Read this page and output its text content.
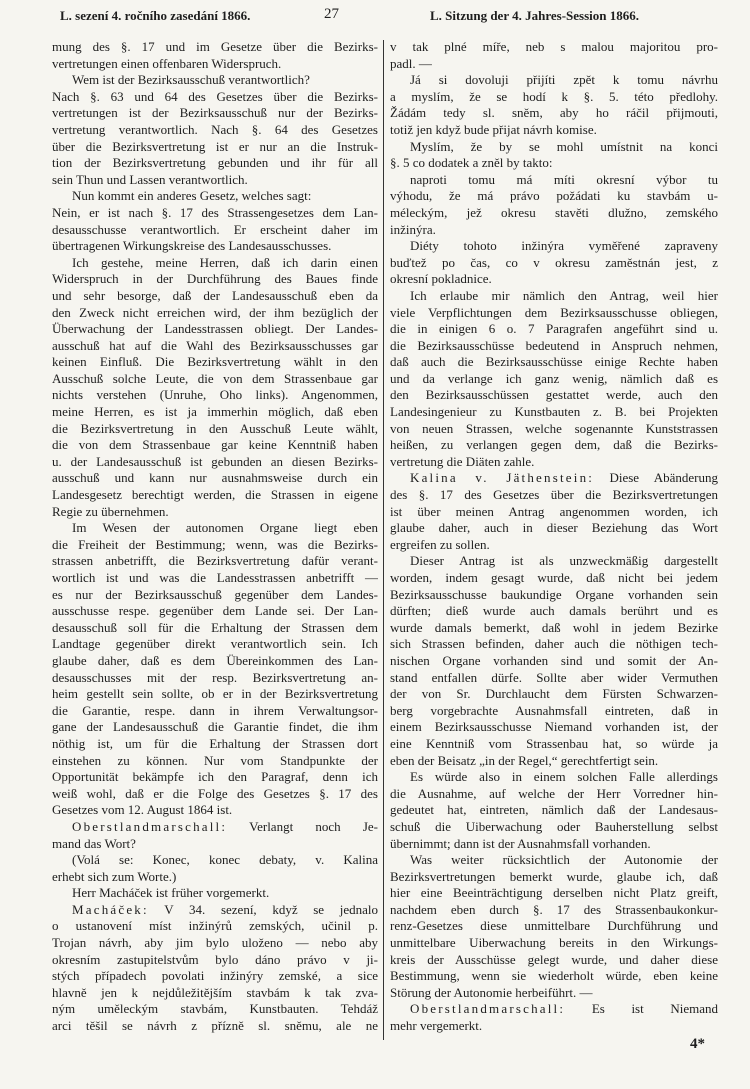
L. sezení 4. ročního zasedání 1866.	27	L. Sitzung der 4. Jahres-Session 1866.
mung des §. 17 und im Gesetze über die Bezirks-
vertretungen einen offenbaren Widerspruch.
Wem ist der Bezirksausschuß verantwortlich?
Nach §. 63 und 64 des Gesetzes über die Bezirks-
vertretungen ist der Bezirksausschuß nur der Bezirks-
vertretung verantwortlich. Nach §. 64 des Gesetzes
über die Bezirksvertretung ist er nur an die Instruk-
tion der Bezirksvertretung gebunden und ihr für all
sein Thun und Lassen verantwortlich.
Nun kommt ein anderes Gesetz, welches sagt:
Nein, er ist nach §. 17 des Strassengesetzes dem Lan-
desausschusse verantwortlich. Er erscheint daher im
übertragenen Wirkungskreise des Landesausschusses.
Ich gestehe, meine Herren, daß ich darin einen
Widerspruch in der Durchführung des Baues finde
und sehr besorge, daß der Landesausschuß eben da
den Zweck nicht erreichen wird, der ihm bezüglich der
Überwachung der Landesstrassen obliegt. Der Landes-
ausschuß hat auf die Wahl des Bezirksausschusses gar
keinen Einfluß. Die Bezirksvertretung wählt in den
Ausschuß solche Leute, die von dem Strassenbaue gar
nichts verstehen (Unruhe, Oho links). Angenommen,
meine Herren, es ist ja immerhin möglich, daß eben
die Bezirksvertretung in den Ausschuß Leute wählt,
die von dem Strassenbaue gar keine Kenntniß haben
u. der Landesausschuß ist gebunden an diesen Bezirks-
ausschuß und kann nur ausnahmsweise durch ein
Landesgesetz berechtigt werden, die Strassen in eigene
Regie zu übernehmen.
Im Wesen der autonomen Organe liegt eben
die Freiheit der Bestimmung; wenn, was die Bezirks-
strassen anbetrifft, die Bezirksvertretung dafür verant-
wortlich ist und was die Landesstrassen anbetrifft —
es nur der Bezirksausschuß gegenüber dem Landes-
ausschusse respe. gegenüber dem Lande sei. Der Lan-
desausschuß soll für die Erhaltung der Strassen dem
Landtage gegenüber direkt verantwortlich sein. Ich
glaube daher, daß es dem Übereinkommen des Lan-
desausschusses mit der resp. Bezirksvertretung an-
heim gestellt sein sollte, ob er in der Bezirksvertretung
die Garantie, respe. dann in ihrem Verwaltungsor-
gane der Landesausschuß die Garantie findet, die ihm
nöthig ist, um für die Erhaltung der Strassen dort
einstehen zu können. Nur vom Standpunkte der
Opportunität bekämpfe ich den Paragraf, denn ich
weiß wohl, daß er die Folge des Gesetzes §. 17 des
Gesetzes vom 12. August 1864 ist.
Oberstlandmarschall: Verlangt noch Je-
mand das Wort?
(Volá se: Konec, konec debaty, v. Kalina
erhebt sich zum Worte.)
Herr Macháček ist früher vorgemerkt.
Macháček: V 34. sezení, když se jednalo
o ustanovení míst inžinýrů zemských, učinil p.
Trojan návrh, aby jim bylo uloženo — nebo aby
okresním zastupitelstvům bylo dáno právo v ji-
stých případech povolati inžinýry zemské, a sice
hlavně jen k nejdůležitějším stavbám k tak zva-
ným uměleckým stavbám, Kunstbauten. Tehdáž
arci těšil se návrh z přízně sl. sněmu, ale ne
v tak plné míře, neb s malou majoritou pro-
padl. —
Já si dovoluji přijíti zpět k tomu návrhu
a myslím, že se hodí k §. 5. této předlohy.
Žádám tedy sl. sněm, aby ho ráčil přijmouti,
totiž jen když bude přijat návrh komise.
Myslím, že by se mohl umístnit na konci
§. 5 co dodatek a zněl by takto:
naproti tomu má míti okresní výbor tu
výhodu, že má právo požádati ku stavbám u-
méleckým, jež okresu stavěti dlužno, zemského
inžinýra.
Diéty tohoto inžinýra vyměřené zapraveny
buďtež po čas, co v okresu zaměstnán jest, z
okresní pokladnice.
Ich erlaube mir nämlich den Antrag, weil hier
viele Verpflichtungen dem Bezirksausschusse obliegen,
die in einigen 6 o. 7 Paragrafen angeführt sind u.
die Bezirksausschüsse bedeutend in Anspruch nehmen,
daß auch die Bezirksausschüsse einige Rechte haben
und da verlange ich ganz wenig, nämlich daß es
den Bezirksausschüssen gestattet werde, auch den
Landesingenieur zu Kunstbauten z. B. bei Projekten
von neuen Strassen, welche sogenannte Kunststrassen
heißen, zu verlangen gegen dem, daß die Bezirks-
vertretung die Diäten zahle.
Kalina v. Jäthenstein: Diese Abänderung
des §. 17 des Gesetzes über die Bezirksvertretungen
ist über meinen Antrag angenommen worden, ich
glaube daher, auch in dieser Beziehung das Wort
ergreifen zu sollen.
Dieser Antrag ist als unzweckmäßig dargestellt
worden, indem gesagt wurde, daß nicht bei jedem
Bezirksausschusse baukundige Organe vorhanden sein
dürften; dieß wurde auch damals berührt und es
wurde damals bemerkt, daß wohl in jedem Bezirke
sich Strassen befinden, daher auch die nöthigen tech-
nischen Organe vorhanden sind und somit der An-
stand entfallen dürfe. Sollte aber wider Vermuthen
der von Sr. Durchlaucht dem Fürsten Schwarzen-
berg vorgebrachte Ausnahmsfall eintreten, daß in
einem Bezirksausschusse Niemand vorhanden ist, der
eine Kenntniß vom Strassenbau hat, so würde ja
eben der Beisatz „in der Regel,“ gerechtfertigt sein.
Es würde also in einem solchen Falle allerdings
die Ausnahme, auf welche der Herr Vorredner hin-
gedeutet hat, eintreten, nämlich daß der Landesaus-
schuß die Uiberwachung oder Bauherstellung selbst
übernimmt; dann ist der Ausnahmsfall vorhanden.
Was weiter rücksichtlich der Autonomie der
Bezirksvertretungen bemerkt wurde, glaube ich, daß
hier eine Beeinträchtigung derselben nicht Platz greift,
nachdem eben durch §. 17 des Strassenbaukonkur-
renz-Gesetzes diese unmittelbare Durchführung und
unmittelbare Uiberwachung bereits in den Wirkungs-
kreis der Ausschüsse gelegt wurde, und daher diese
Bestimmung, wenn sie wiederholt würde, eben keine
Störung der Autonomie herbeiführt. —
Oberstlandmarschall: Es ist Niemand
mehr vergemerkt.
4*
